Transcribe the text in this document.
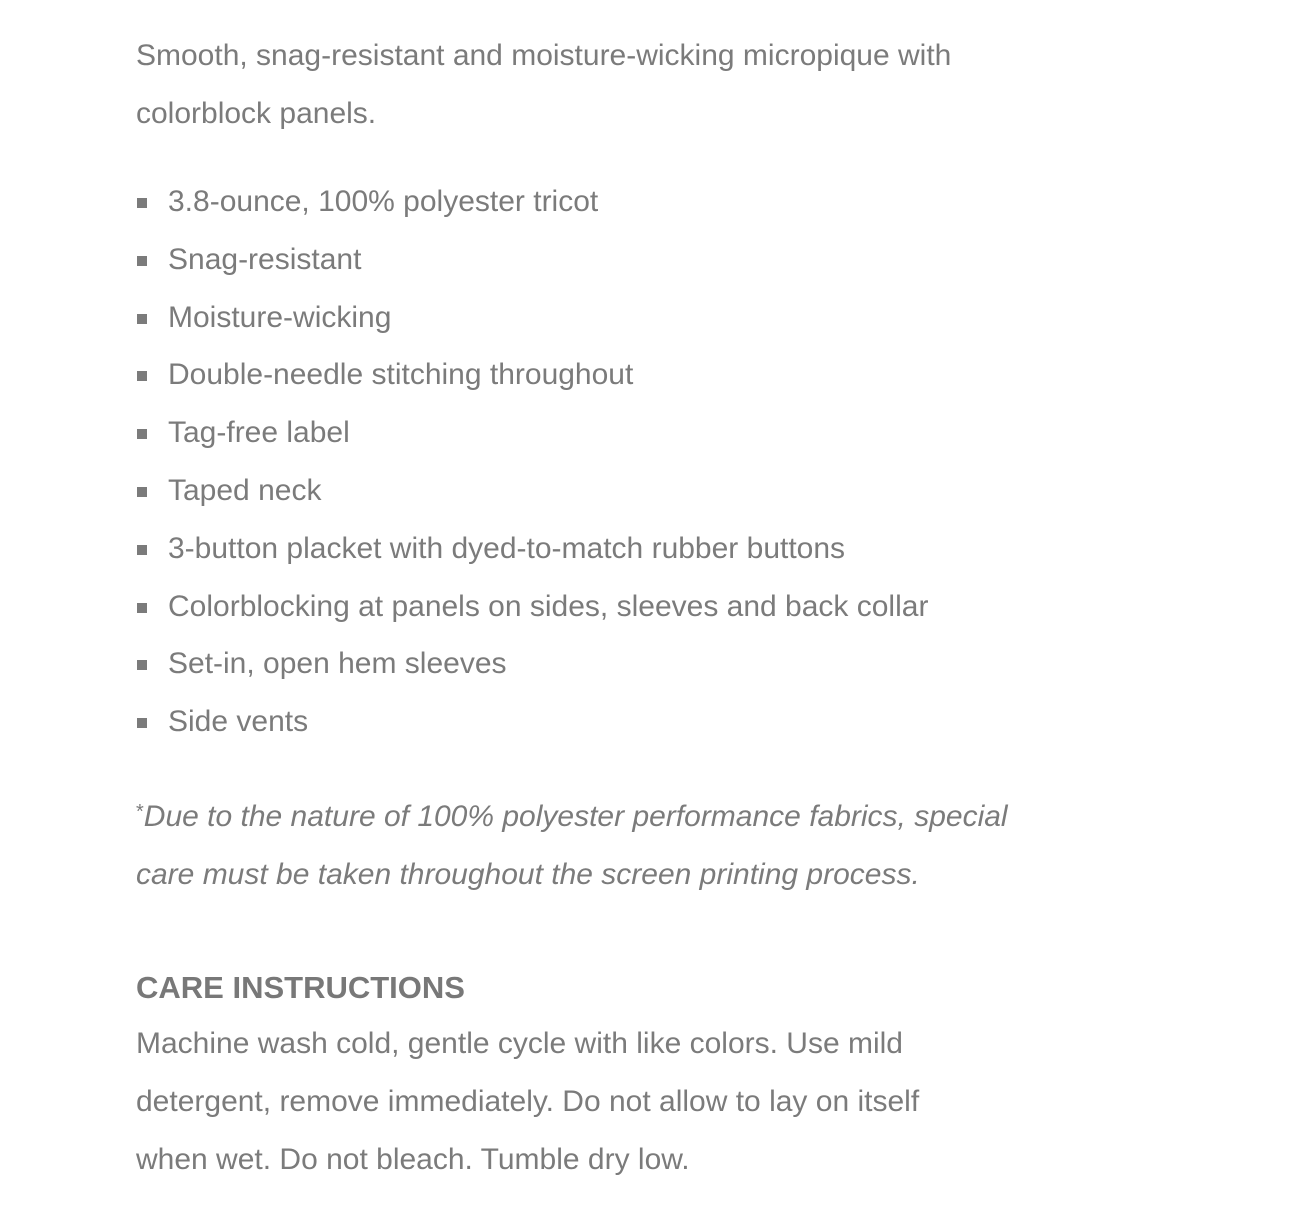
Smooth, snag-resistant and moisture-wicking micropique with colorblock panels.

3.8-ounce, 100% polyester tricot
Snag-resistant
Moisture-wicking
Double-needle stitching throughout
Tag-free label
Taped neck
3-button placket with dyed-to-match rubber buttons
Colorblocking at panels on sides, sleeves and back collar
Set-in, open hem sleeves
Side vents

*Due to the nature of 100% polyester performance fabrics, special care must be taken throughout the screen printing process.

CARE INSTRUCTIONS

Machine wash cold, gentle cycle with like colors. Use mild detergent, remove immediately. Do not allow to lay on itself when wet. Do not bleach. Tumble dry low.
